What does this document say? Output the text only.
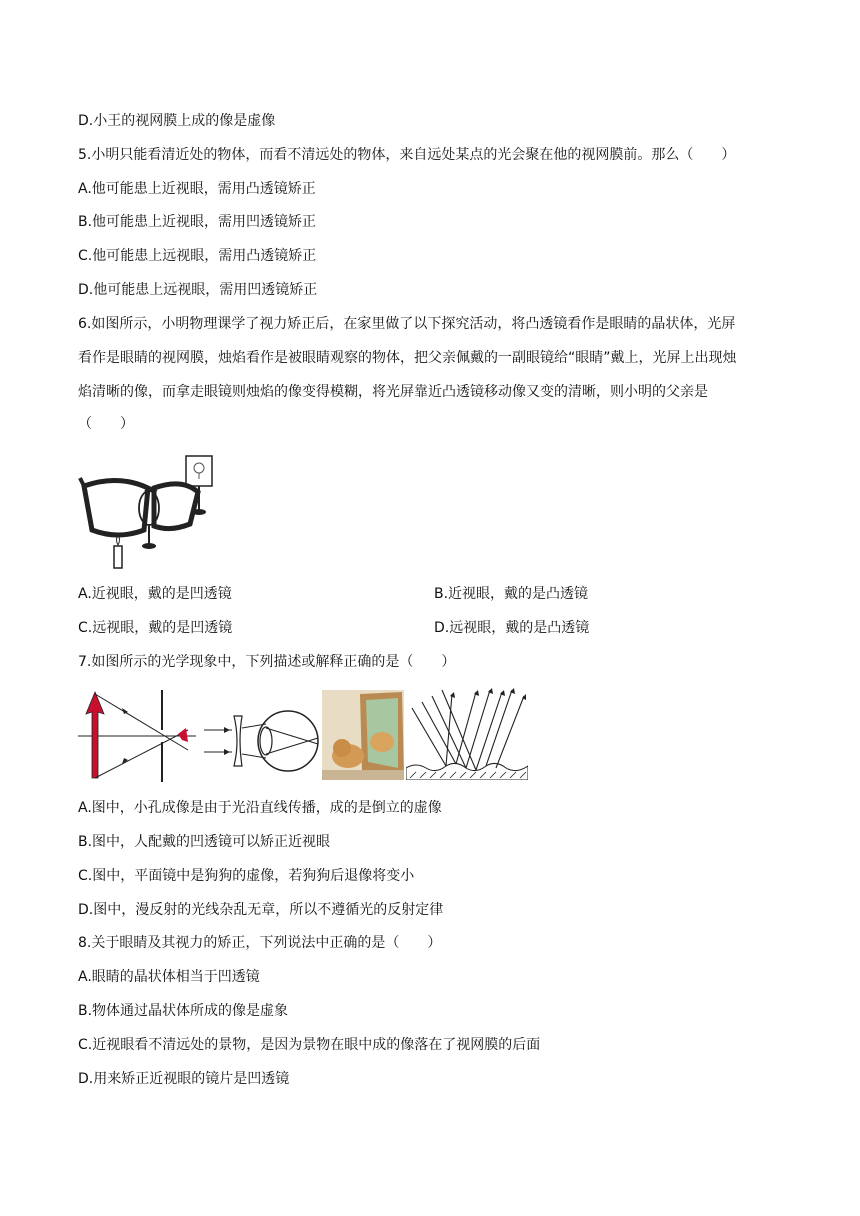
D.小王的视网膜上成的像是虚像
5.小明只能看清近处的物体，而看不清远处的物体，来自远处某点的光会聚在他的视网膜前。那么（　　）
A.他可能患上近视眼，需用凸透镜矫正
B.他可能患上近视眼，需用凹透镜矫正
C.他可能患上远视眼，需用凸透镜矫正
D.他可能患上远视眼，需用凹透镜矫正
6.如图所示，小明物理课学了视力矫正后，在家里做了以下探究活动，将凸透镜看作是眼睛的晶状体，光屏
看作是眼睛的视网膜，烛焰看作是被眼睛观察的物体，把父亲佩戴的一副眼镜给“眼睛”戴上，光屏上出现烛
焰清晰的像，而拿走眼镜则烛焰的像变得模糊，将光屏靠近凸透镜移动像又变的清晰，则小明的父亲是
（　　）
A.近视眼，戴的是凹透镜	B.近视眼，戴的是凸透镜
C.远视眼，戴的是凹透镜	D.远视眼，戴的是凸透镜
7.如图所示的光学现象中，下列描述或解释正确的是（　　）
A.图中，小孔成像是由于光沿直线传播，成的是倒立的虚像
B.图中，人配戴的凹透镜可以矫正近视眼
C.图中，平面镜中是狗狗的虚像，若狗狗后退像将变小
D.图中，漫反射的光线杂乱无章，所以不遵循光的反射定律
8.关于眼睛及其视力的矫正，下列说法中正确的是（　　）
A.眼睛的晶状体相当于凹透镜
B.物体通过晶状体所成的像是虚象
C.近视眼看不清远处的景物，是因为景物在眼中成的像落在了视网膜的后面
D.用来矫正近视眼的镜片是凹透镜
